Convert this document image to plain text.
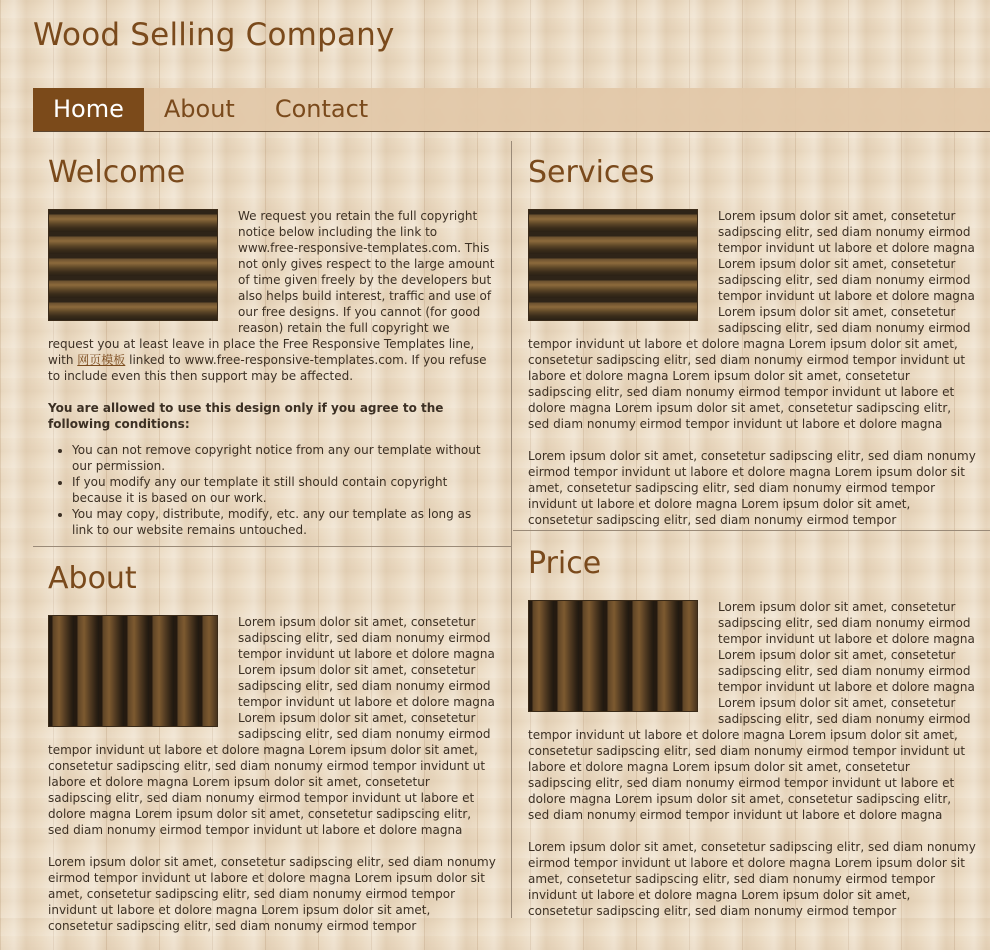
Wood Selling Company
Home	About	Contact
Welcome

We request you retain the full copyright notice below including the link to www.free-responsive-templates.com. This not only gives respect to the large amount of time given freely by the developers but also helps build interest, traffic and use of our free designs. If you cannot (for good reason) retain the full copyright we request you at least leave in place the Free Responsive Templates line, with 网页模板 linked to www.free-responsive-templates.com. If you refuse to include even this then support may be affected.

You are allowed to use this design only if you agree to the following conditions:

• You can not remove copyright notice from any our template without our permission.
• If you modify any our template it still should contain copyright because it is based on our work.
• You may copy, distribute, modify, etc. any our template as long as link to our website remains untouched.
About

Lorem ipsum dolor sit amet, consetetur sadipscing elitr, sed diam nonumy eirmod tempor invidunt ut labore et dolore magna Lorem ipsum dolor sit amet, consetetur sadipscing elitr, sed diam nonumy eirmod tempor invidunt ut labore et dolore magna Lorem ipsum dolor sit amet, consetetur sadipscing elitr, sed diam nonumy eirmod tempor invidunt ut labore et dolore magna Lorem ipsum dolor sit amet, consetetur sadipscing elitr, sed diam nonumy eirmod tempor invidunt ut labore et dolore magna Lorem ipsum dolor sit amet, consetetur sadipscing elitr, sed diam nonumy eirmod tempor invidunt ut labore et dolore magna Lorem ipsum dolor sit amet, consetetur sadipscing elitr, sed diam nonumy eirmod tempor invidunt ut labore et dolore magna

Lorem ipsum dolor sit amet, consetetur sadipscing elitr, sed diam nonumy eirmod tempor invidunt ut labore et dolore magna Lorem ipsum dolor sit amet, consetetur sadipscing elitr, sed diam nonumy eirmod tempor invidunt ut labore et dolore magna Lorem ipsum dolor sit amet, consetetur sadipscing elitr, sed diam nonumy eirmod tempor

Services

Lorem ipsum dolor sit amet, consetetur sadipscing elitr, sed diam nonumy eirmod tempor invidunt ut labore et dolore magna Lorem ipsum dolor sit amet, consetetur sadipscing elitr, sed diam nonumy eirmod tempor invidunt ut labore et dolore magna Lorem ipsum dolor sit amet, consetetur sadipscing elitr, sed diam nonumy eirmod tempor invidunt ut labore et dolore magna Lorem ipsum dolor sit amet, consetetur sadipscing elitr, sed diam nonumy eirmod tempor invidunt ut labore et dolore magna Lorem ipsum dolor sit amet, consetetur sadipscing elitr, sed diam nonumy eirmod tempor invidunt ut labore et dolore magna Lorem ipsum dolor sit amet, consetetur sadipscing elitr, sed diam nonumy eirmod tempor invidunt ut labore et dolore magna

Lorem ipsum dolor sit amet, consetetur sadipscing elitr, sed diam nonumy eirmod tempor invidunt ut labore et dolore magna Lorem ipsum dolor sit amet, consetetur sadipscing elitr, sed diam nonumy eirmod tempor invidunt ut labore et dolore magna Lorem ipsum dolor sit amet, consetetur sadipscing elitr, sed diam nonumy eirmod tempor

Price

Lorem ipsum dolor sit amet, consetetur sadipscing elitr, sed diam nonumy eirmod tempor invidunt ut labore et dolore magna Lorem ipsum dolor sit amet, consetetur sadipscing elitr, sed diam nonumy eirmod tempor invidunt ut labore et dolore magna Lorem ipsum dolor sit amet, consetetur sadipscing elitr, sed diam nonumy eirmod tempor invidunt ut labore et dolore magna Lorem ipsum dolor sit amet, consetetur sadipscing elitr, sed diam nonumy eirmod tempor invidunt ut labore et dolore magna Lorem ipsum dolor sit amet, consetetur sadipscing elitr, sed diam nonumy eirmod tempor invidunt ut labore et dolore magna Lorem ipsum dolor sit amet, consetetur sadipscing elitr, sed diam nonumy eirmod tempor invidunt ut labore et dolore magna

Lorem ipsum dolor sit amet, consetetur sadipscing elitr, sed diam nonumy eirmod tempor invidunt ut labore et dolore magna Lorem ipsum dolor sit amet, consetetur sadipscing elitr, sed diam nonumy eirmod tempor invidunt ut labore et dolore magna Lorem ipsum dolor sit amet, consetetur sadipscing elitr, sed diam nonumy eirmod tempor
